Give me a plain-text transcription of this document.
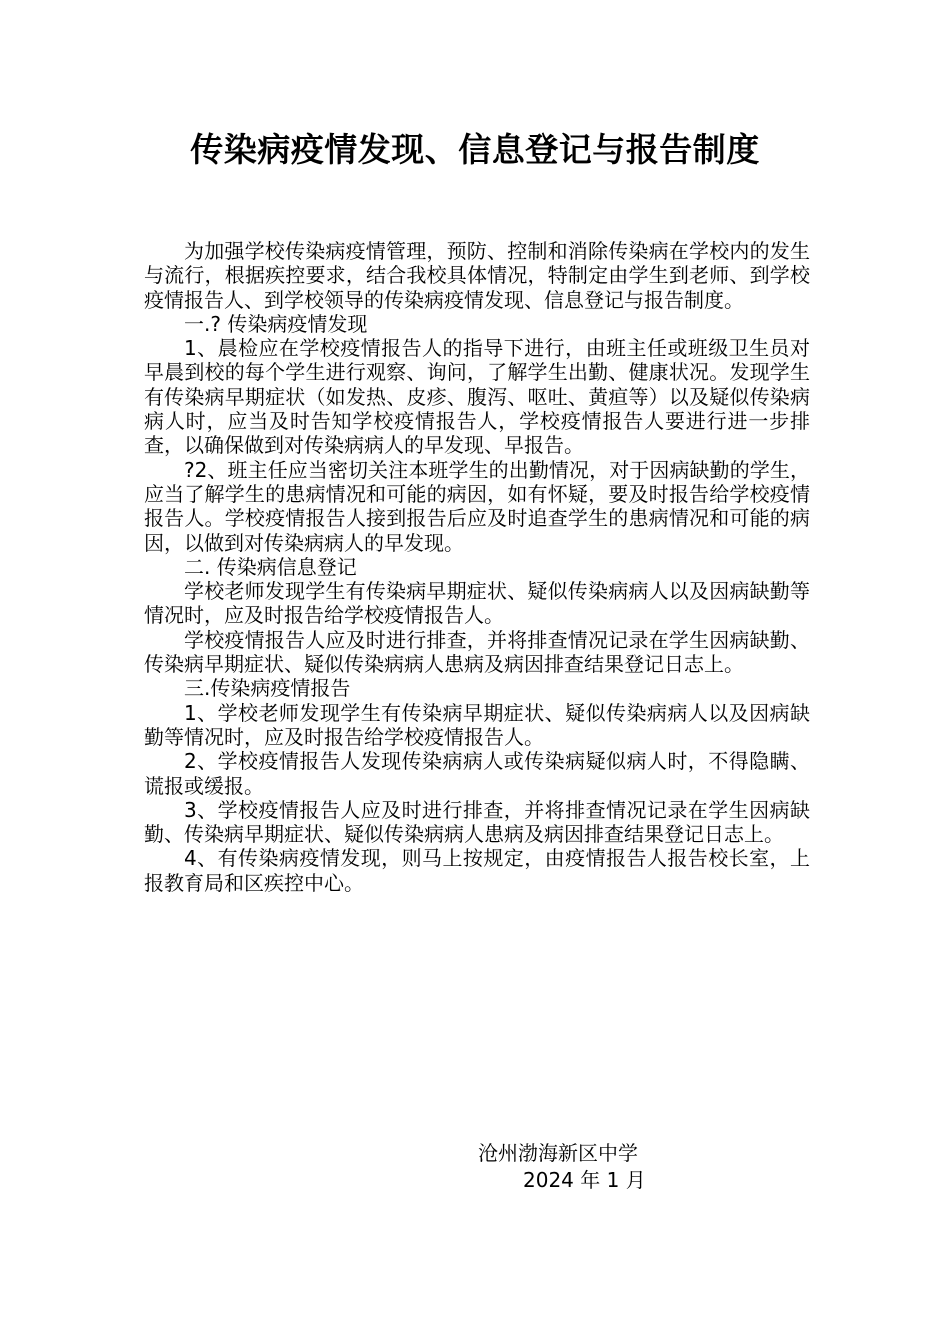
传染病疫情发现、信息登记与报告制度

为加强学校传染病疫情管理，预防、控制和消除传染病在学校内的发生与流行，根据疾控要求，结合我校具体情况，特制定由学生到老师、到学校疫情报告人、到学校领导的传染病疫情发现、信息登记与报告制度。

一.? 传染病疫情发现

1、晨检应在学校疫情报告人的指导下进行，由班主任或班级卫生员对早晨到校的每个学生进行观察、询问，了解学生出勤、健康状况。发现学生有传染病早期症状（如发热、皮疹、腹泻、呕吐、黄疸等）以及疑似传染病病人时，应当及时告知学校疫情报告人，学校疫情报告人要进行进一步排查，以确保做到对传染病病人的早发现、早报告。

?2、班主任应当密切关注本班学生的出勤情况，对于因病缺勤的学生，应当了解学生的患病情况和可能的病因，如有怀疑，要及时报告给学校疫情报告人。学校疫情报告人接到报告后应及时追查学生的患病情况和可能的病因，以做到对传染病病人的早发现。

二. 传染病信息登记

学校老师发现学生有传染病早期症状、疑似传染病病人以及因病缺勤等情况时，应及时报告给学校疫情报告人。

学校疫情报告人应及时进行排查，并将排查情况记录在学生因病缺勤、传染病早期症状、疑似传染病病人患病及病因排查结果登记日志上。

三.传染病疫情报告

1、学校老师发现学生有传染病早期症状、疑似传染病病人以及因病缺勤等情况时，应及时报告给学校疫情报告人。

2、学校疫情报告人发现传染病病人或传染病疑似病人时，不得隐瞒、谎报或缓报。

3、学校疫情报告人应及时进行排查，并将排查情况记录在学生因病缺勤、传染病早期症状、疑似传染病病人患病及病因排查结果登记日志上。

4、有传染病疫情发现，则马上按规定，由疫情报告人报告校长室，上报教育局和区疾控中心。

沧州渤海新区中学
2024 年 1 月
